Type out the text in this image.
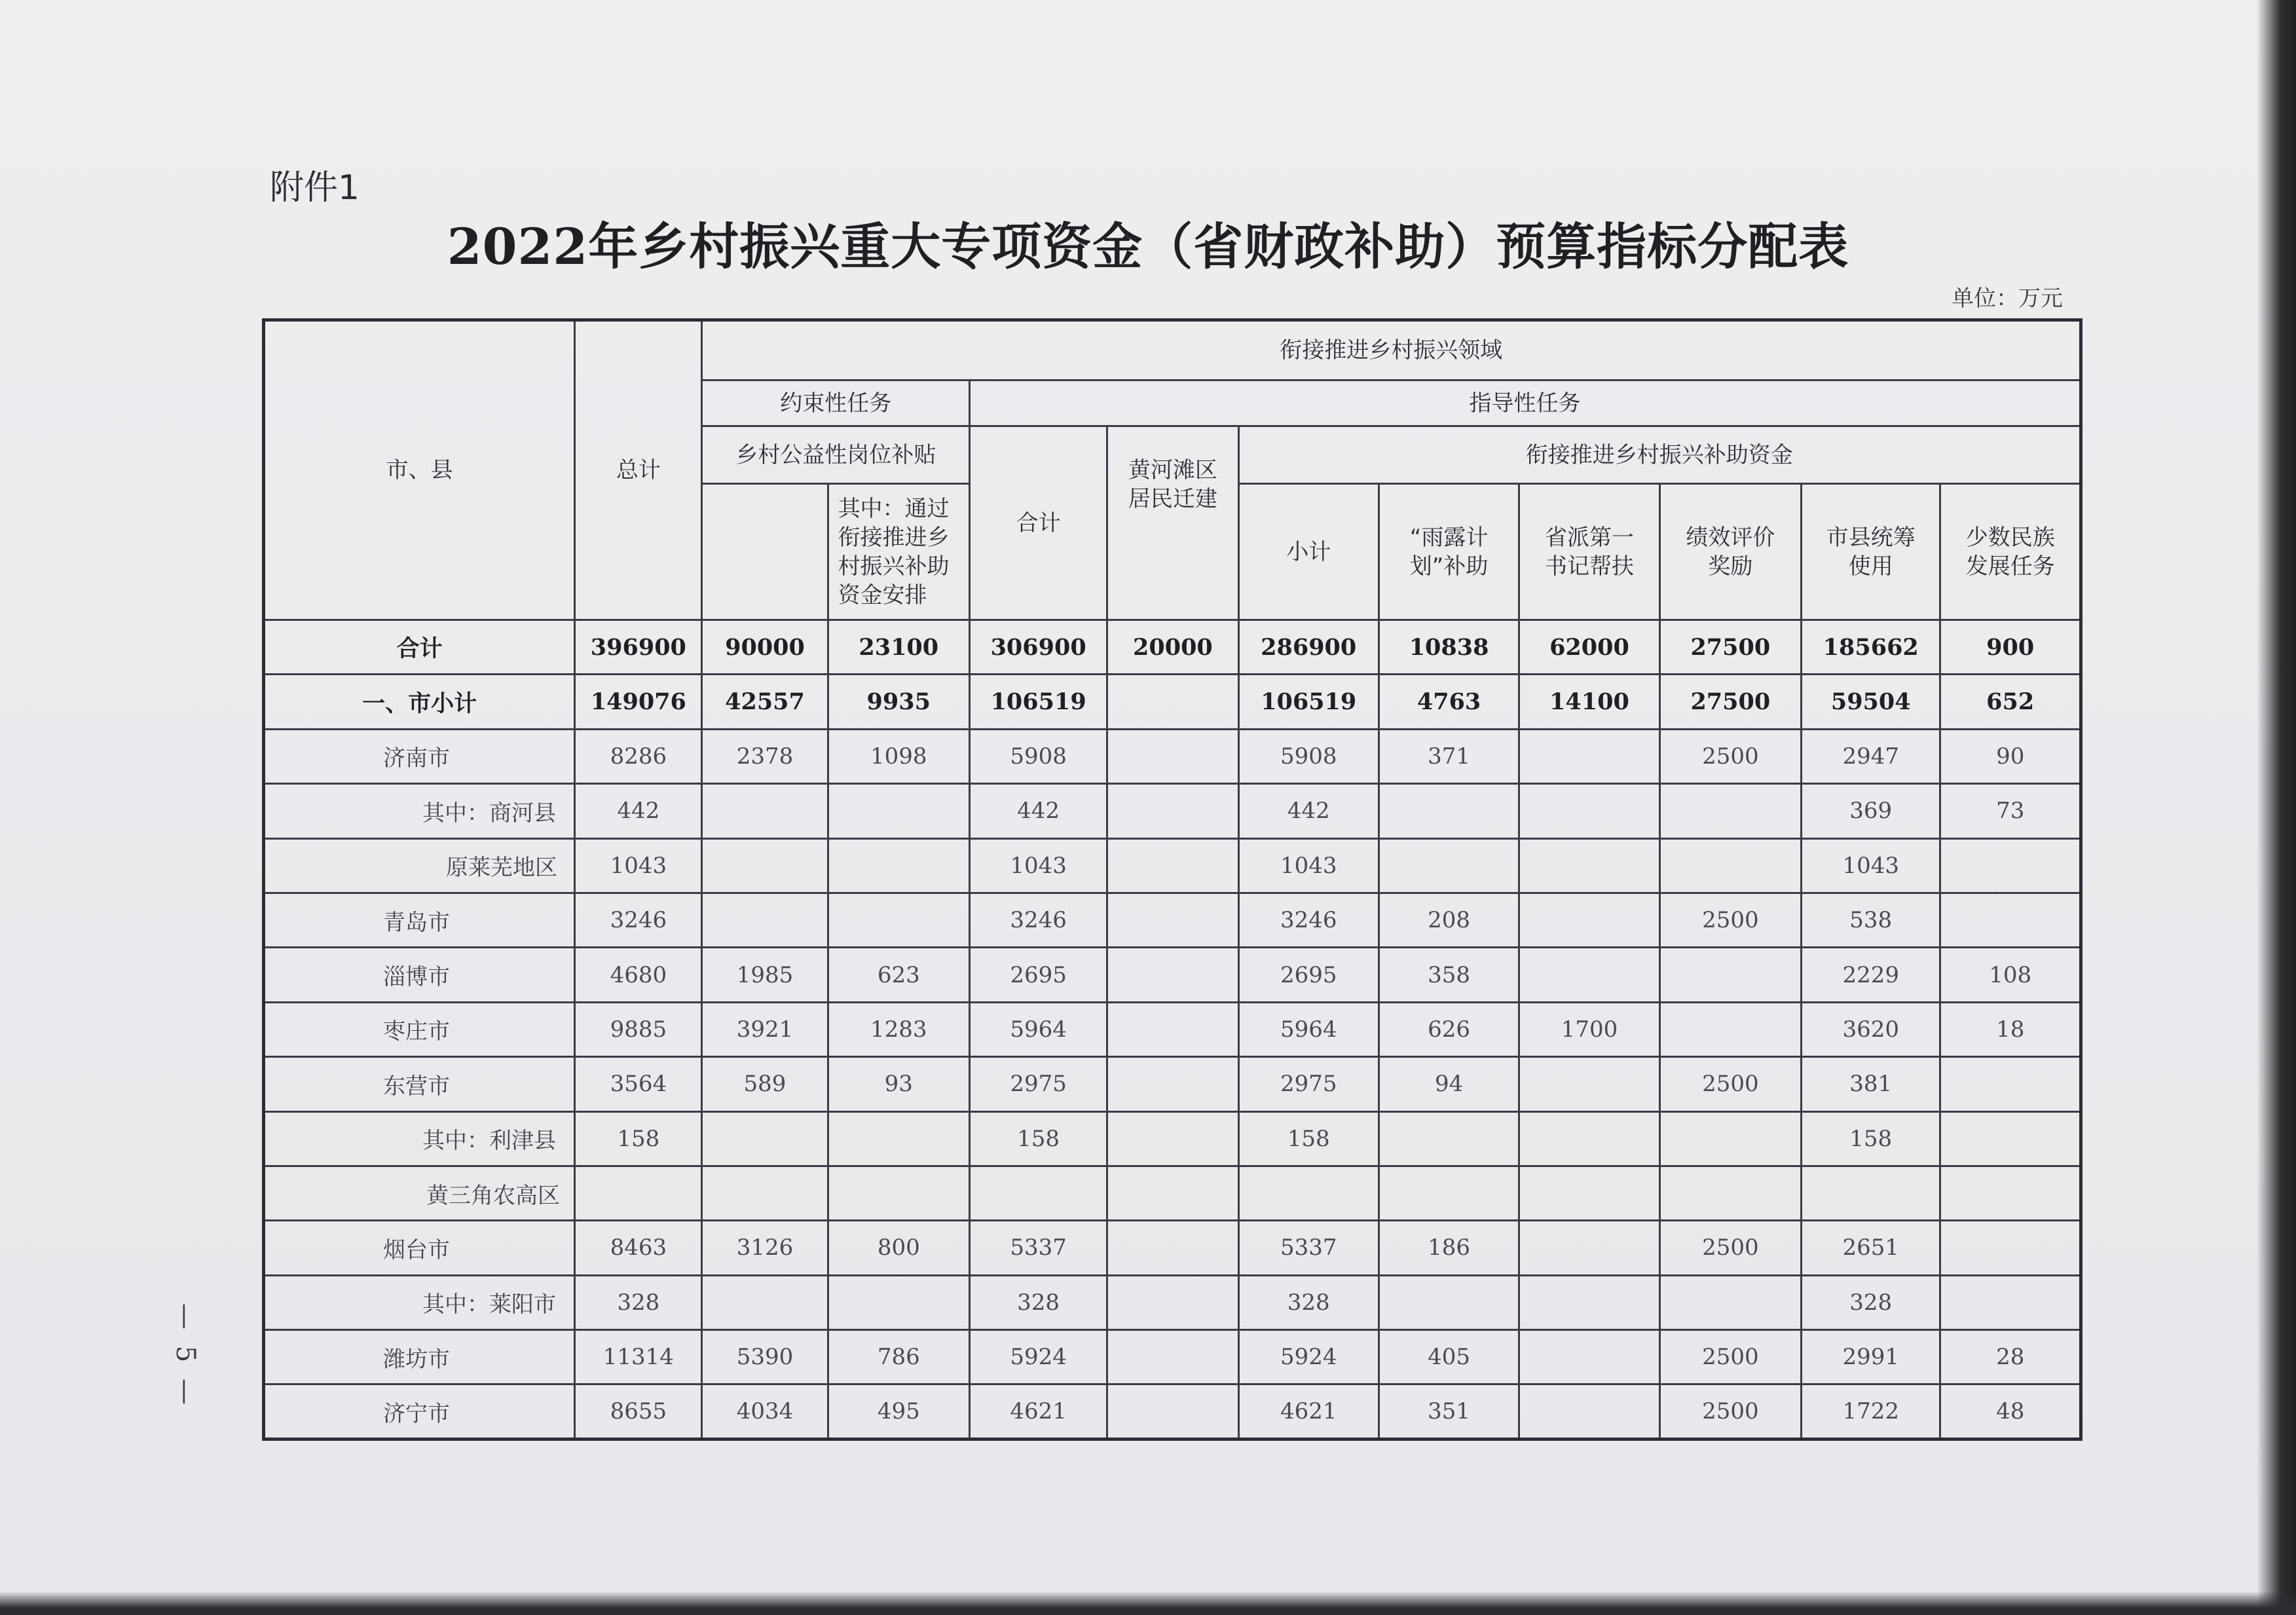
附件1
2022年乡村振兴重大专项资金（省财政补助）预算指标分配表
单位：万元
— 5 —
市、县	总计	衔接推进乡村振兴领域									
		约束性任务		指导性任务							
		乡村公益性岗位补贴		合计	黄河滩区居民迁建	衔接推进乡村振兴补助资金					
			其中：通过衔接推进乡村振兴补助资金安排			小计	“雨露计划”补助	省派第一书记帮扶	绩效评价奖励	市县统筹使用	少数民族发展任务
合计	396900	90000	23100	306900	20000	286900	10838	62000	27500	185662	900
一、市小计	149076	42557	9935	106519		106519	4763	14100	27500	59504	652
济南市	8286	2378	1098	5908		5908	371		2500	2947	90
其中：商河县	442			442		442				369	73
原莱芜地区	1043			1043		1043				1043	
青岛市	3246			3246		3246	208		2500	538	
淄博市	4680	1985	623	2695		2695	358			2229	108
枣庄市	9885	3921	1283	5964		5964	626	1700		3620	18
东营市	3564	589	93	2975		2975	94		2500	381	
其中：利津县	158			158		158				158	
黄三角农高区											
烟台市	8463	3126	800	5337		5337	186		2500	2651	
其中：莱阳市	328			328		328				328	
潍坊市	11314	5390	786	5924		5924	405		2500	2991	28
济宁市	8655	4034	495	4621		4621	351		2500	1722	48
